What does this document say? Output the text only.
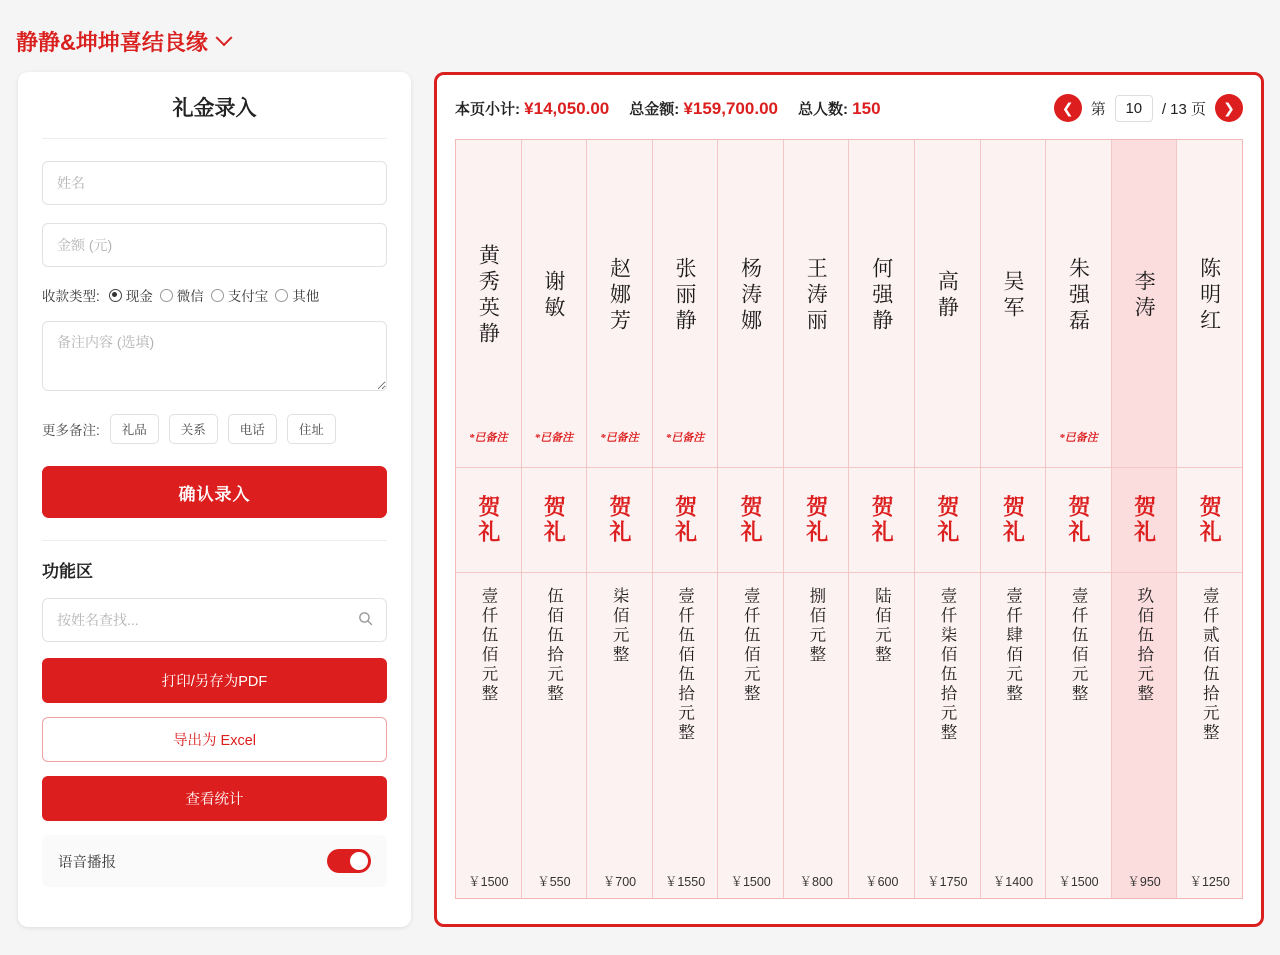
静静&坤坤喜结良缘
礼金录入
姓名 金额 (元)
收款类型: 现金 微信 支付宝 其他
备注内容 (选填)
更多备注:	礼品	关系	电话	住址
确认录入
功能区
按姓名查找...
打印/另存为PDF 导出为 Excel 查看统计
语音播报
本页小计: ¥14,050.00 总金额: ¥159,700.00 总人数: 150	❮	第
10	/ 13 页	❯
黄秀英静
*已备注
贺礼
壹仟伍佰元整
￥1500
谢敏
*已备注
贺礼
伍佰伍拾元整
￥550
赵娜芳
*已备注
贺礼
柒佰元整
￥700
张丽静
*已备注
贺礼
壹仟伍佰伍拾元整
￥1550
杨涛娜
贺礼
壹仟伍佰元整
￥1500
王涛丽
贺礼
捌佰元整
￥800
何强静
贺礼
陆佰元整
￥600
高静
贺礼
壹仟柒佰伍拾元整
￥1750
吴军
贺礼
壹仟肆佰元整
￥1400
朱强磊
*已备注
贺礼
壹仟伍佰元整
￥1500
李涛
贺礼
玖佰伍拾元整
￥950
陈明红
贺礼
壹仟贰佰伍拾元整
￥1250
